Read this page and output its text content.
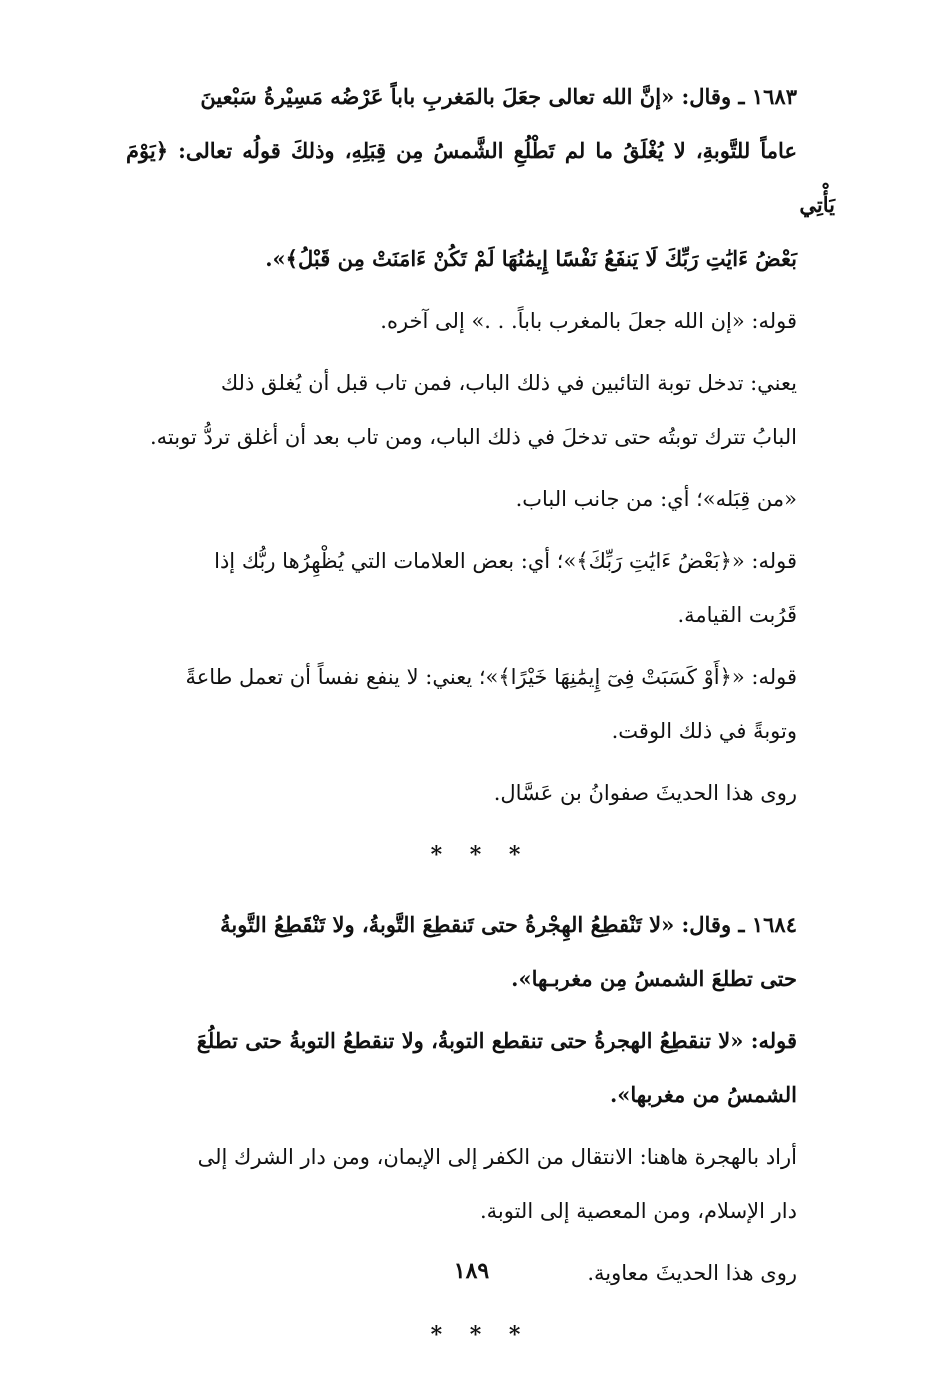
١٦٨٣ ـ وقال: «إنَّ الله تعالى جعَلَ بالمَغربِ باباً عَرْضُه مَسِيْرةُ سَبْعينَ
عاماً للتَّوبةِ، لا يُغْلَقُ ما لم تَطْلُعِ الشَّمسُ مِن قِبَلِهِ، وذلكَ قولُه تعالى: ﴿يَوْمَ يَأْتِي
بَعْضُ ءَايَٰتِ رَبِّكَ لَا يَنفَعُ نَفْسًا إِيمَٰنُهَا لَمْ تَكُنْ ءَامَنَتْ مِن قَبْلُ﴾».

قوله: «إن الله جعلَ بالمغرب باباً. . .» إلى آخره.

يعني: تدخل توبة التائبين في ذلك الباب، فمن تاب قبل أن يُغلق ذلك
البابُ تترك توبتُه حتى تدخلَ في ذلك الباب، ومن تاب بعد أن أغلق تردُّ توبته.

«من قِبَله»؛ أي: من جانب الباب.

قوله: «﴿بَعْضُ ءَايَٰتِ رَبِّكَ﴾»؛ أي: بعض العلامات التي يُظْهِرُها ربُّك إذا
قَرُبت القيامة.

قوله: «﴿أَوْ كَسَبَتْ فِىٓ إِيمَٰنِهَا خَيْرًا﴾»؛ يعني: لا ينفع نفساً أن تعمل طاعةً
وتوبةً في ذلك الوقت.

روى هذا الحديثَ صفوانُ بن عَسَّال.

* * *

١٦٨٤ ـ وقال: «لا تَنْقطِعُ الهِجْرةُ حتى تَنقطِعَ التَّوبةُ، ولا تَنْقَطِعُ التَّوبةُ
حتى تطلعَ الشمسُ مِن مغربـها».

قوله: «لا تنقطِعُ الهجرةُ حتى تنقطع التوبةُ، ولا تنقطعُ التوبةُ حتى تطلُعَ
الشمسُ من مغربها».

أراد بالهجرة هاهنا: الانتقال من الكفر إلى الإيمان، ومن دار الشرك إلى
دار الإسلام، ومن المعصية إلى التوبة.

روى هذا الحديثَ معاوية.

* * *
١٨٩
